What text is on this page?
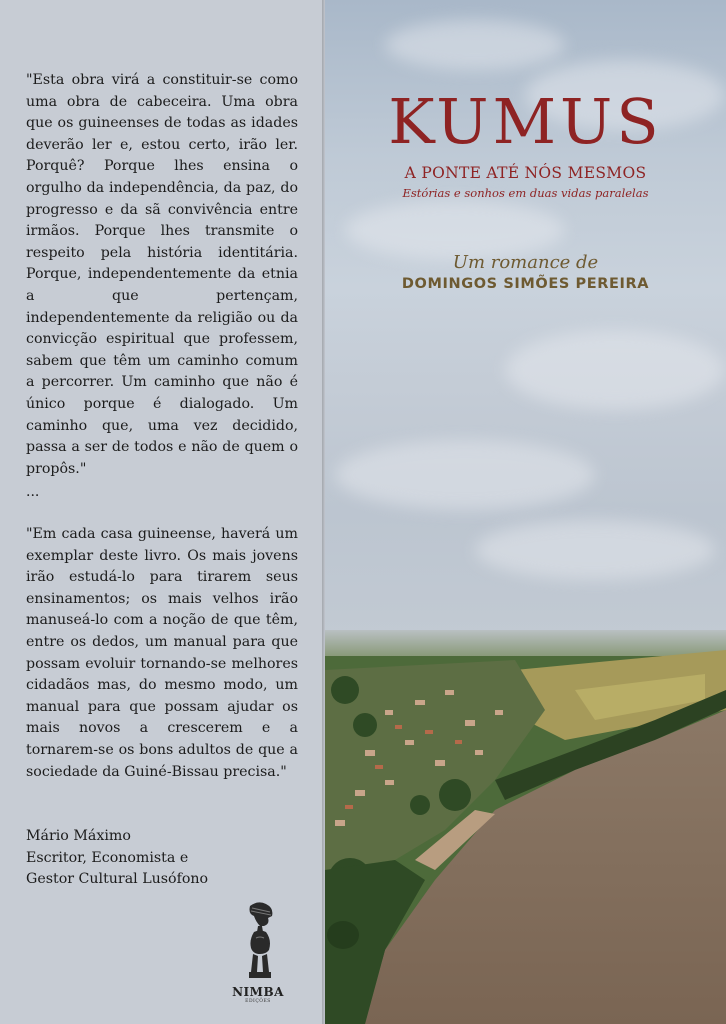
"Esta obra virá a constituir-se como uma obra de cabeceira. Uma obra que os guineenses de todas as idades deverão ler e, estou certo, irão ler. Porquê? Porque lhes ensina o orgulho da independência, da paz, do progresso e da sã convivência entre irmãos. Porque lhes transmite o respeito pela história identitária. Porque, independentemente da etnia a que pertençam, independentemente da religião ou da convicção espiritual que professem, sabem que têm um caminho comum a percorrer. Um caminho que não é único porque é dialogado. Um caminho que, uma vez decidido, passa a ser de todos e não de quem o propôs."

...

"Em cada casa guineense, haverá um exemplar deste livro. Os mais jovens irão estudá-lo para tirarem seus ensinamentos; os mais velhos irão manuseá-lo com a noção de que têm, entre os dedos, um manual para que possam evoluir tornando-se melhores cidadãos mas, do mesmo modo, um manual para que possam ajudar os mais novos a crescerem e a tornarem-se os bons adultos de que a sociedade da Guiné-Bissau precisa."

Mário Máximo
Escritor, Economista e
Gestor Cultural Lusófono
NIMBA
EDIÇÕES
KUMUS
A PONTE ATÉ NÓS MESMOS
Estórias e sonhos em duas vidas paralelas
Um romance de
DOMINGOS SIMÕES PEREIRA
